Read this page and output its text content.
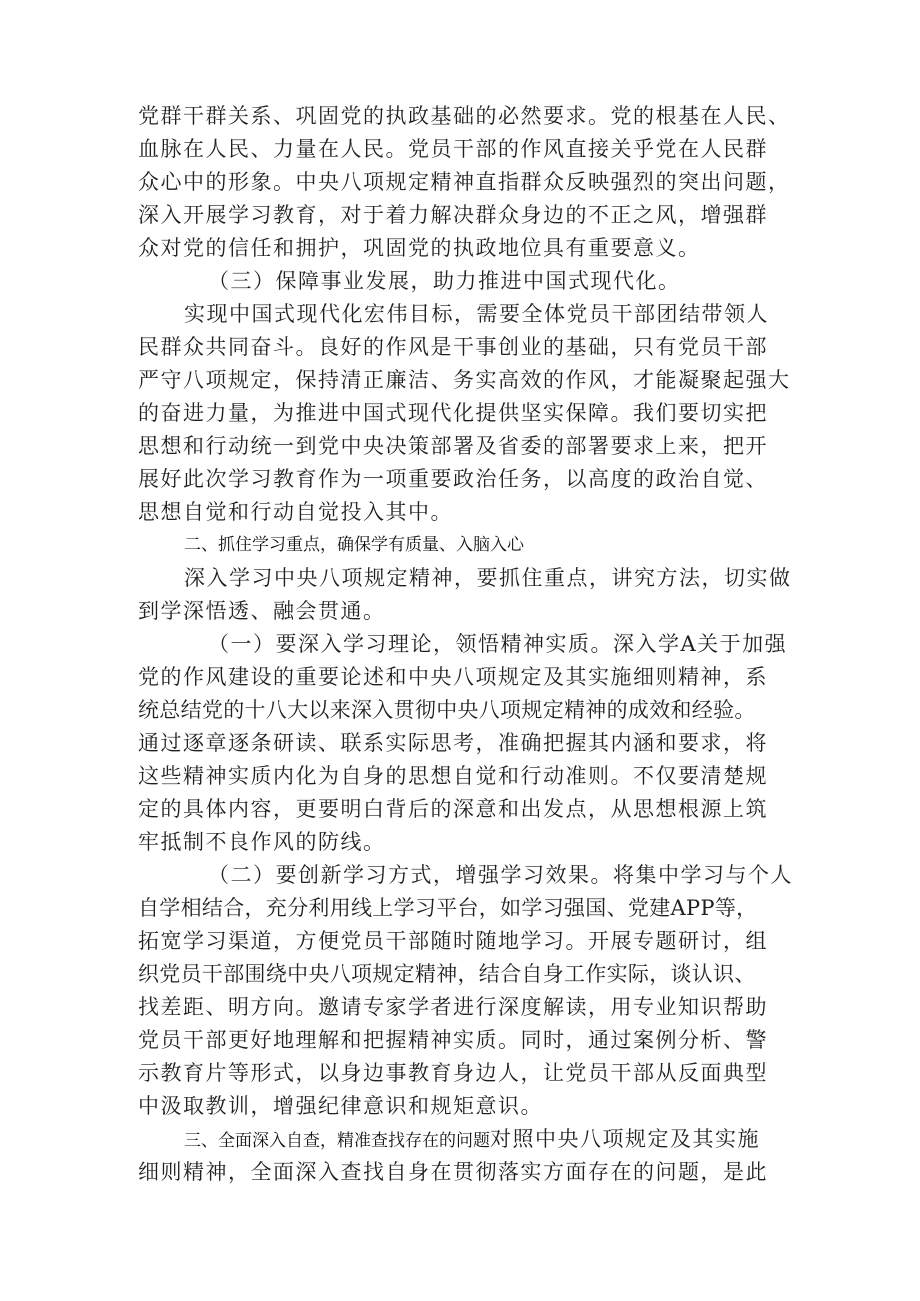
党群干群关系、巩固党的执政基础的必然要求。党的根基在人民、
血脉在人民、力量在人民。党员干部的作风直接关乎党在人民群
众心中的形象。中央八项规定精神直指群众反映强烈的突出问题，
深入开展学习教育，对于着力解决群众身边的不正之风，增强群
众对党的信任和拥护，巩固党的执政地位具有重要意义。
（三）保障事业发展，助力推进中国式现代化。
实现中国式现代化宏伟目标，需要全体党员干部团结带领人
民群众共同奋斗。良好的作风是干事创业的基础，只有党员干部
严守八项规定，保持清正廉洁、务实高效的作风，才能凝聚起强大
的奋进力量，为推进中国式现代化提供坚实保障。我们要切实把
思想和行动统一到党中央决策部署及省委的部署要求上来，把开
展好此次学习教育作为一项重要政治任务，以高度的政治自觉、
思想自觉和行动自觉投入其中。
二、抓住学习重点，确保学有质量、入脑入心
深入学习中央八项规定精神，要抓住重点，讲究方法，切实做
到学深悟透、融会贯通。
（一）要深入学习理论，领悟精神实质。深入学A关于加强
党的作风建设的重要论述和中央八项规定及其实施细则精神，系
统总结党的十八大以来深入贯彻中央八项规定精神的成效和经验。
通过逐章逐条研读、联系实际思考，准确把握其内涵和要求，将
这些精神实质内化为自身的思想自觉和行动准则。不仅要清楚规
定的具体内容，更要明白背后的深意和出发点，从思想根源上筑
牢抵制不良作风的防线。
（二）要创新学习方式，增强学习效果。将集中学习与个人
自学相结合，充分利用线上学习平台，如学习强国、党建APP等，
拓宽学习渠道，方便党员干部随时随地学习。开展专题研讨，组
织党员干部围绕中央八项规定精神，结合自身工作实际，谈认识、
找差距、明方向。邀请专家学者进行深度解读，用专业知识帮助
党员干部更好地理解和把握精神实质。同时，通过案例分析、警
示教育片等形式，以身边事教育身边人，让党员干部从反面典型
中汲取教训，增强纪律意识和规矩意识。
三、全面深入自查，精准查找存在的问题对照中央八项规定及其实施
细则精神，全面深入查找自身在贯彻落实方面存在的问题，是此
